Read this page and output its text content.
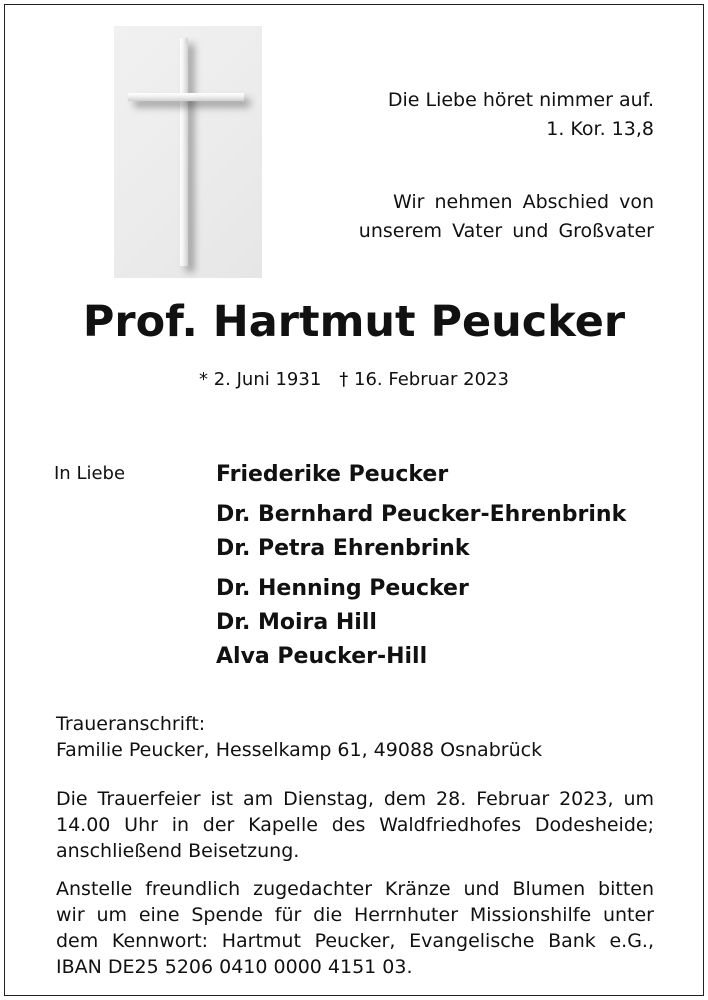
Die Liebe höret nimmer auf.
1. Kor. 13,8
Wir nehmen Abschied von
unserem Vater und Großvater
Prof. Hartmut Peucker
* 2. Juni 1931 † 16. Februar 2023
In Liebe	Friederike Peucker
Dr. Bernhard Peucker-Ehrenbrink
Dr. Petra Ehrenbrink
Dr. Henning Peucker
Dr. Moira Hill
Alva Peucker-Hill
Traueranschrift:
Familie Peucker, Hesselkamp 61, 49088 Osnabrück
Die Trauerfeier ist am Dienstag, dem 28. Februar 2023, um
14.00 Uhr in der Kapelle des Waldfriedhofes Dodesheide;
anschließend Beisetzung.
Anstelle freundlich zugedachter Kränze und Blumen bitten
wir um eine Spende für die Herrnhuter Missionshilfe unter
dem Kennwort: Hartmut Peucker, Evangelische Bank e.G.,
IBAN DE25 5206 0410 0000 4151 03.
